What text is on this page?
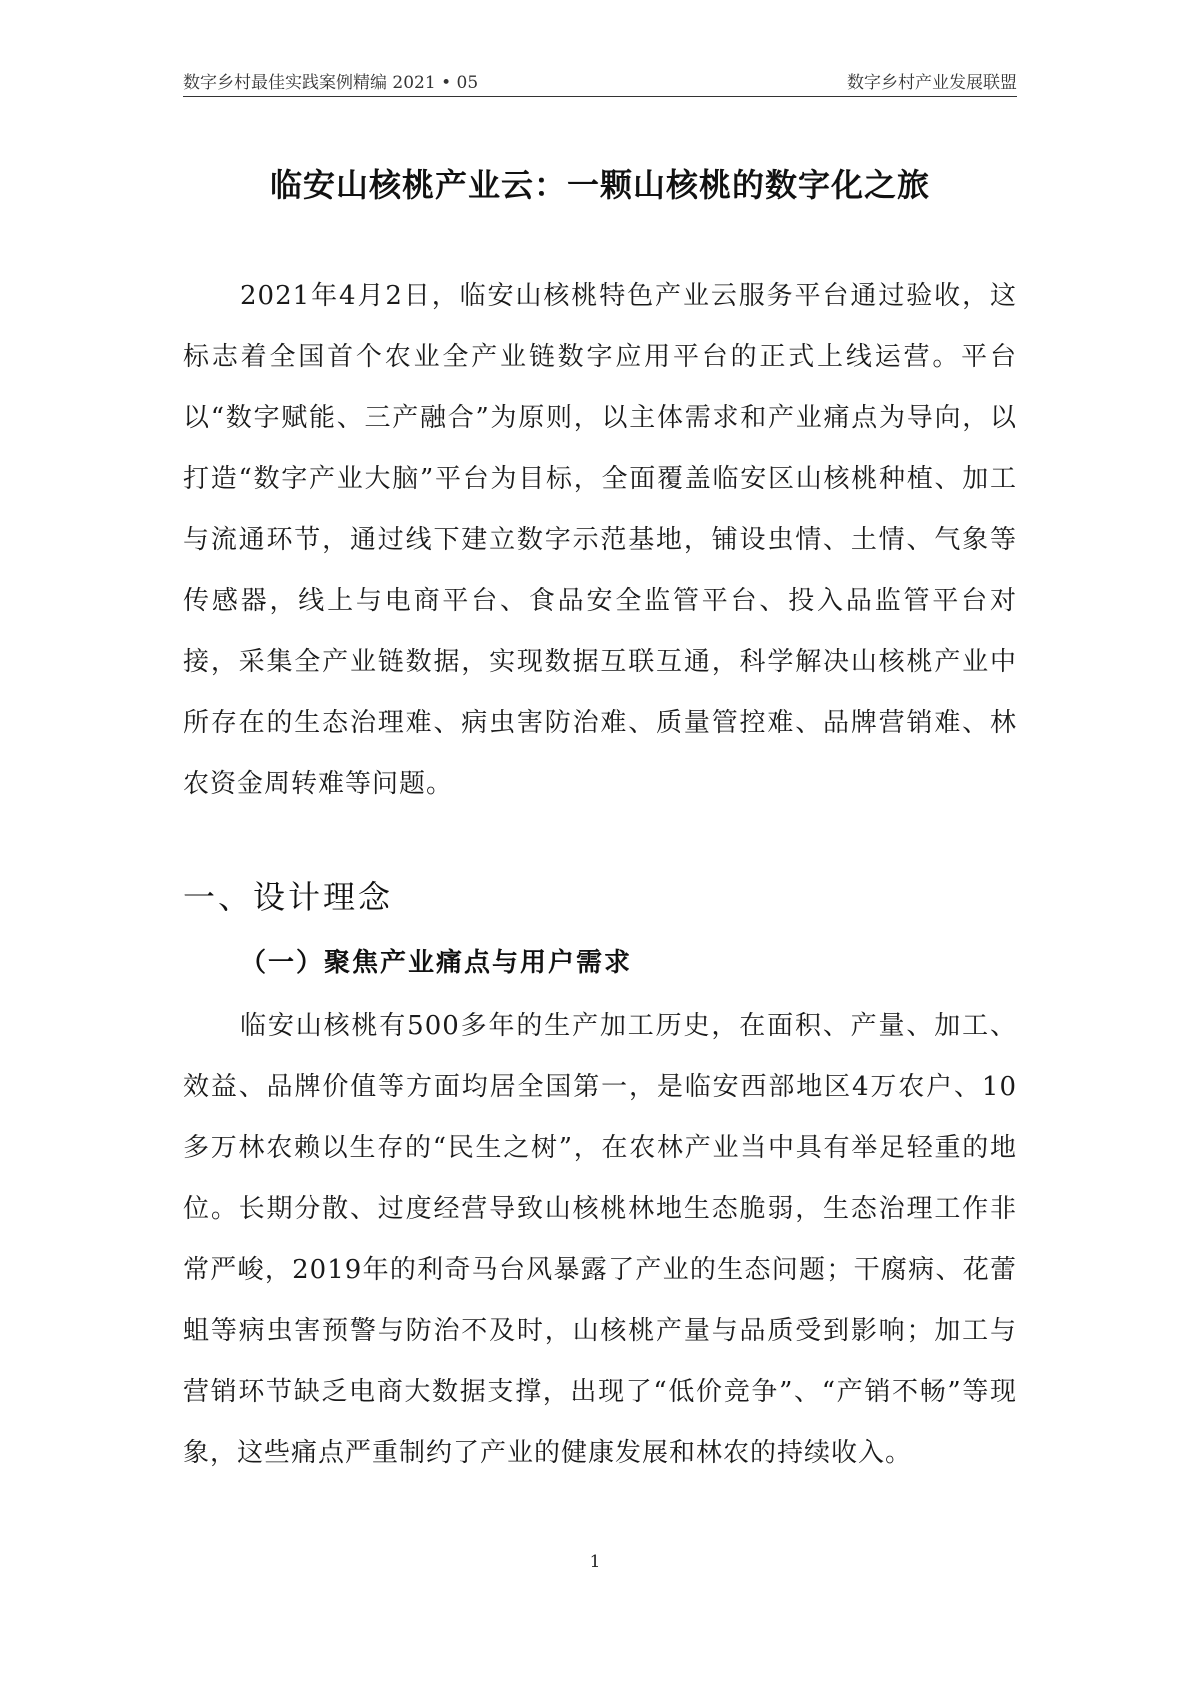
数字乡村最佳实践案例精编 2021 • 05	数字乡村产业发展联盟
临安山核桃产业云：一颗山核桃的数字化之旅

2021年4月2日，临安山核桃特色产业云服务平台通过验收，这标志着全国首个农业全产业链数字应用平台的正式上线运营。平台以“数字赋能、三产融合”为原则，以主体需求和产业痛点为导向，以打造“数字产业大脑”平台为目标，全面覆盖临安区山核桃种植、加工与流通环节，通过线下建立数字示范基地，铺设虫情、土情、气象等传感器，线上与电商平台、食品安全监管平台、投入品监管平台对接，采集全产业链数据，实现数据互联互通，科学解决山核桃产业中所存在的生态治理难、病虫害防治难、质量管控难、品牌营销难、林农资金周转难等问题。

一、设计理念
（一）聚焦产业痛点与用户需求

临安山核桃有500多年的生产加工历史，在面积、产量、加工、效益、品牌价值等方面均居全国第一，是临安西部地区4万农户、10多万林农赖以生存的“民生之树”，在农林产业当中具有举足轻重的地位。长期分散、过度经营导致山核桃林地生态脆弱，生态治理工作非常严峻，2019年的利奇马台风暴露了产业的生态问题；干腐病、花蕾蛆等病虫害预警与防治不及时，山核桃产量与品质受到影响；加工与营销环节缺乏电商大数据支撑，出现了“低价竞争”、“产销不畅”等现象，这些痛点严重制约了产业的健康发展和林农的持续收入。

1
